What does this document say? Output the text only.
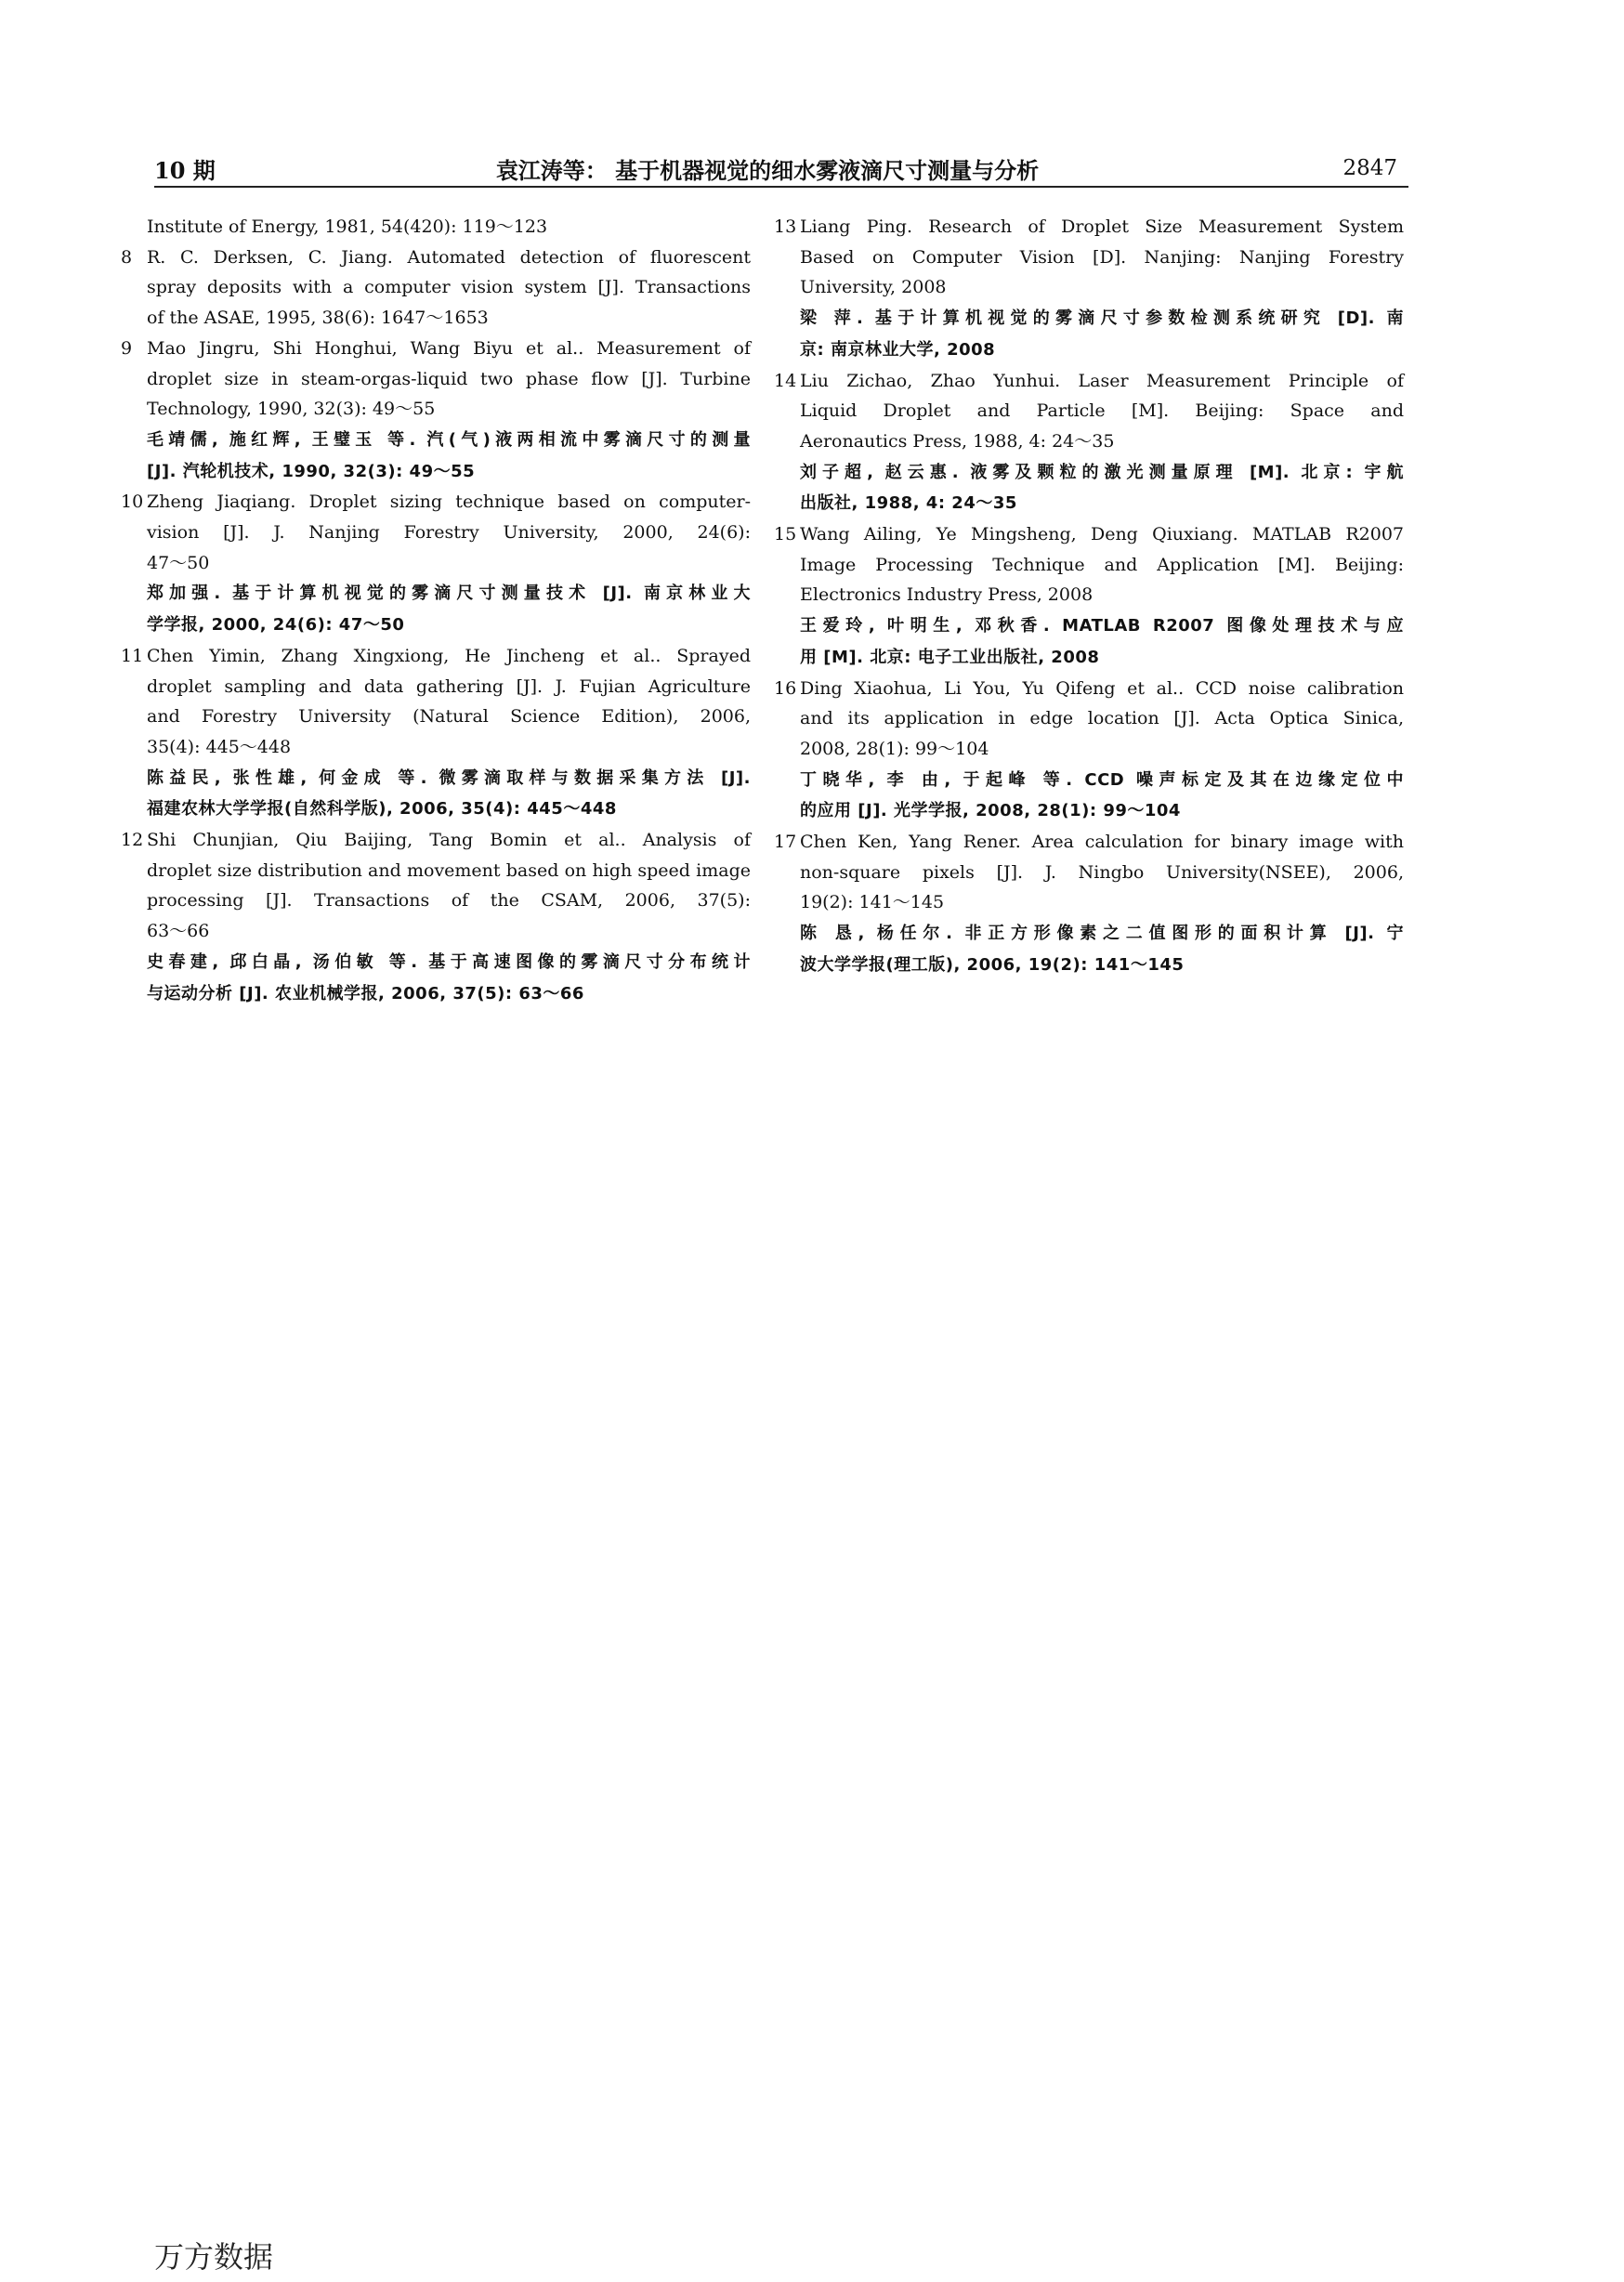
10 期	袁江涛等： 基于机器视觉的细水雾液滴尺寸测量与分析	2847
Institute of Energy, 1981, 54(420): 119～123
8 R. C. Derksen, C. Jiang. Automated detection of fluorescent
spray deposits with a computer vision system [J]. Transactions
of the ASAE, 1995, 38(6): 1647～1653
9 Mao Jingru, Shi Honghui, Wang Biyu et al.. Measurement of
droplet size in steam-orgas-liquid two phase flow [J]. Turbine
Technology, 1990, 32(3): 49～55
毛靖儒, 施红辉, 王璧玉 等. 汽(气)液两相流中雾滴尺寸的测量
[J]. 汽轮机技术, 1990, 32(3): 49～55
10 Zheng Jiaqiang. Droplet sizing technique based on computer-
vision [J]. J. Nanjing Forestry University, 2000, 24(6):
47～50
郑加强. 基于计算机视觉的雾滴尺寸测量技术 [J]. 南京林业大
学学报, 2000, 24(6): 47～50
11 Chen Yimin, Zhang Xingxiong, He Jincheng et al.. Sprayed
droplet sampling and data gathering [J]. J. Fujian Agriculture
and Forestry University (Natural Science Edition), 2006,
35(4): 445～448
陈益民, 张性雄, 何金成 等. 微雾滴取样与数据采集方法 [J].
福建农林大学学报(自然科学版), 2006, 35(4): 445～448
12 Shi Chunjian, Qiu Baijing, Tang Bomin et al.. Analysis of
droplet size distribution and movement based on high speed image
processing [J]. Transactions of the CSAM, 2006, 37(5):
63～66
史春建, 邱白晶, 汤伯敏 等. 基于高速图像的雾滴尺寸分布统计
与运动分析 [J]. 农业机械学报, 2006, 37(5): 63～66
13 Liang Ping. Research of Droplet Size Measurement System
Based on Computer Vision [D]. Nanjing: Nanjing Forestry
University, 2008
梁 萍. 基于计算机视觉的雾滴尺寸参数检测系统研究 [D]. 南
京: 南京林业大学, 2008
14 Liu Zichao, Zhao Yunhui. Laser Measurement Principle of
Liquid Droplet and Particle [M]. Beijing: Space and
Aeronautics Press, 1988, 4: 24～35
刘子超, 赵云惠. 液雾及颗粒的激光测量原理 [M]. 北京: 宇航
出版社, 1988, 4: 24～35
15 Wang Ailing, Ye Mingsheng, Deng Qiuxiang. MATLAB R2007
Image Processing Technique and Application [M]. Beijing:
Electronics Industry Press, 2008
王爱玲, 叶明生, 邓秋香. MATLAB R2007 图像处理技术与应
用 [M]. 北京: 电子工业出版社, 2008
16 Ding Xiaohua, Li You, Yu Qifeng et al.. CCD noise calibration
and its application in edge location [J]. Acta Optica Sinica,
2008, 28(1): 99～104
丁晓华, 李 由, 于起峰 等. CCD 噪声标定及其在边缘定位中
的应用 [J]. 光学学报, 2008, 28(1): 99～104
17 Chen Ken, Yang Rener. Area calculation for binary image with
non-square pixels [J]. J. Ningbo University(NSEE), 2006,
19(2): 141～145
陈 恳, 杨任尔. 非正方形像素之二值图形的面积计算 [J]. 宁
波大学学报(理工版), 2006, 19(2): 141～145
万方数据
